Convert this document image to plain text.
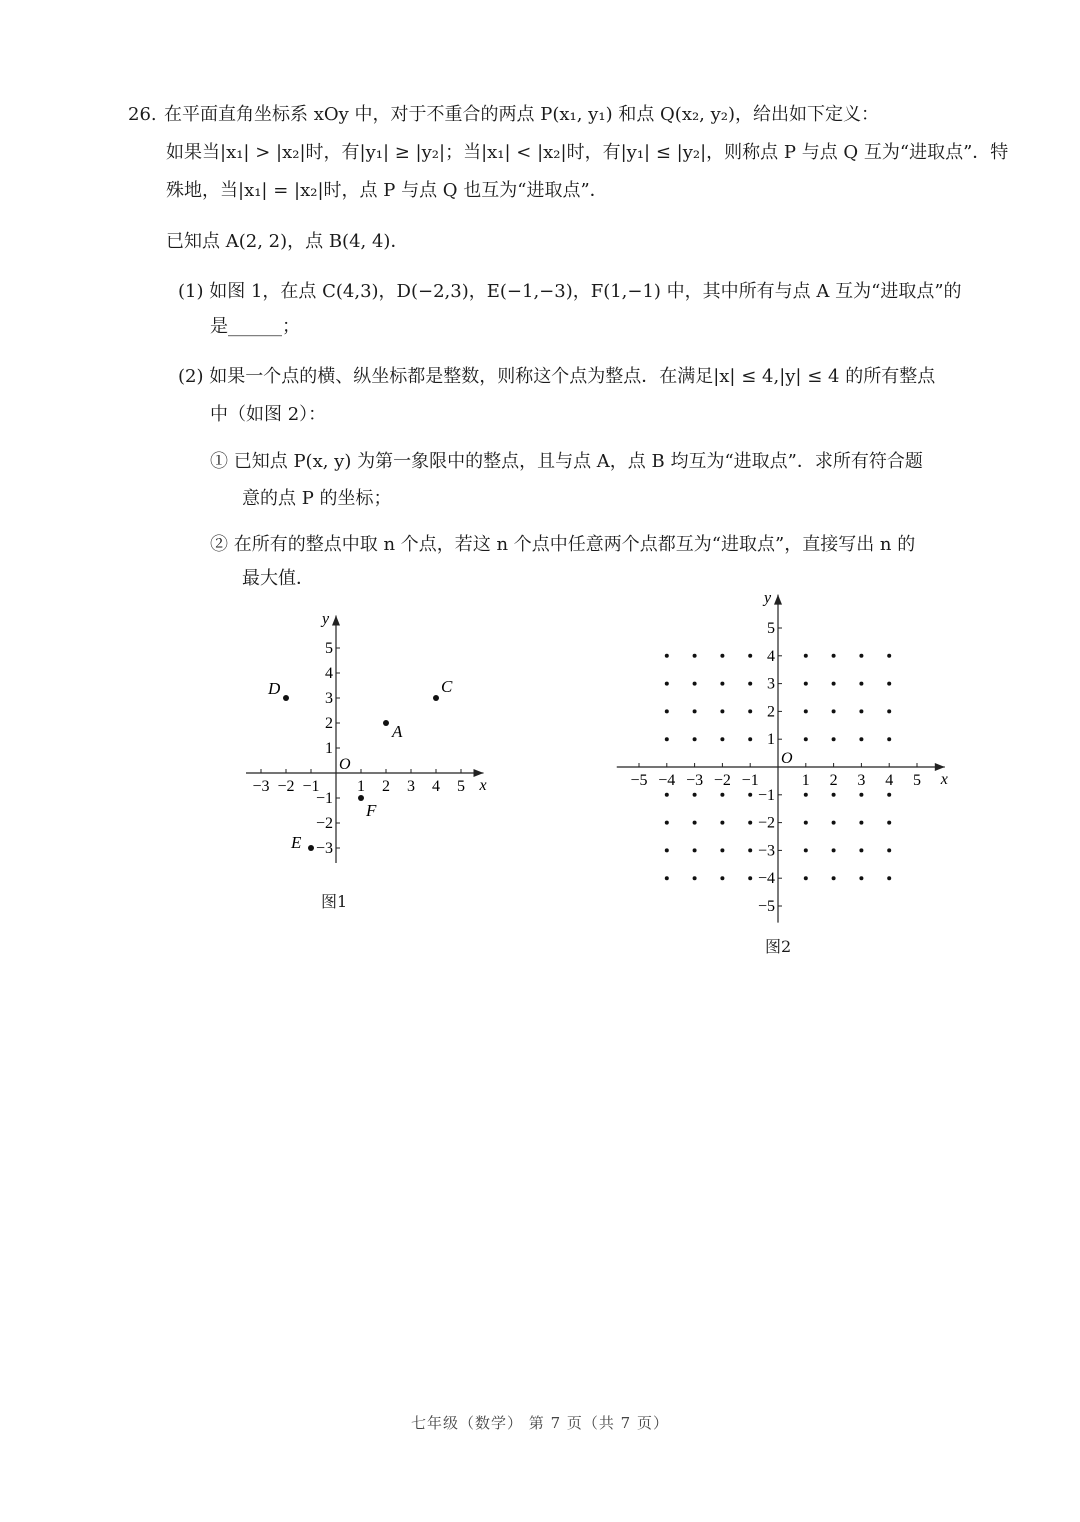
26. 在平面直角坐标系 xOy 中，对于不重合的两点 P(x₁, y₁) 和点 Q(x₂, y₂)，给出如下定义：
如果当|x₁| > |x₂|时，有|y₁| ≥ |y₂|；当|x₁| < |x₂|时，有|y₁| ≤ |y₂|，则称点 P 与点 Q 互为“进取点”．特
殊地，当|x₁| = |x₂|时，点 P 与点 Q 也互为“进取点”．
已知点 A(2, 2)，点 B(4, 4)．
(1) 如图 1，在点 C(4,3)，D(−2,3)，E(−1,−3)，F(1,−1) 中，其中所有与点 A 互为“进取点”的
是______；
(2) 如果一个点的横、纵坐标都是整数，则称这个点为整点．在满足|x| ≤ 4,|y| ≤ 4 的所有整点
中（如图 2）：
① 已知点 P(x, y) 为第一象限中的整点，且与点 A，点 B 均互为“进取点”．求所有符合题
意的点 P 的坐标；
② 在所有的整点中取 n 个点，若这 n 个点中任意两个点都互为“进取点”，直接写出 n 的
最大值．
x
y
O
−3 −2 −1 1 2 3 4 5
−3
−2
−1
1
2
3
4
5
A
C
D
E
F
图1
x
y
O
−5 −4 −3 −2 −1	1 2 3 4 5
−5
−4
−3
−2
−1
1
2
3
4
5
图2
七年级（数学） 第 7 页（共 7 页）
